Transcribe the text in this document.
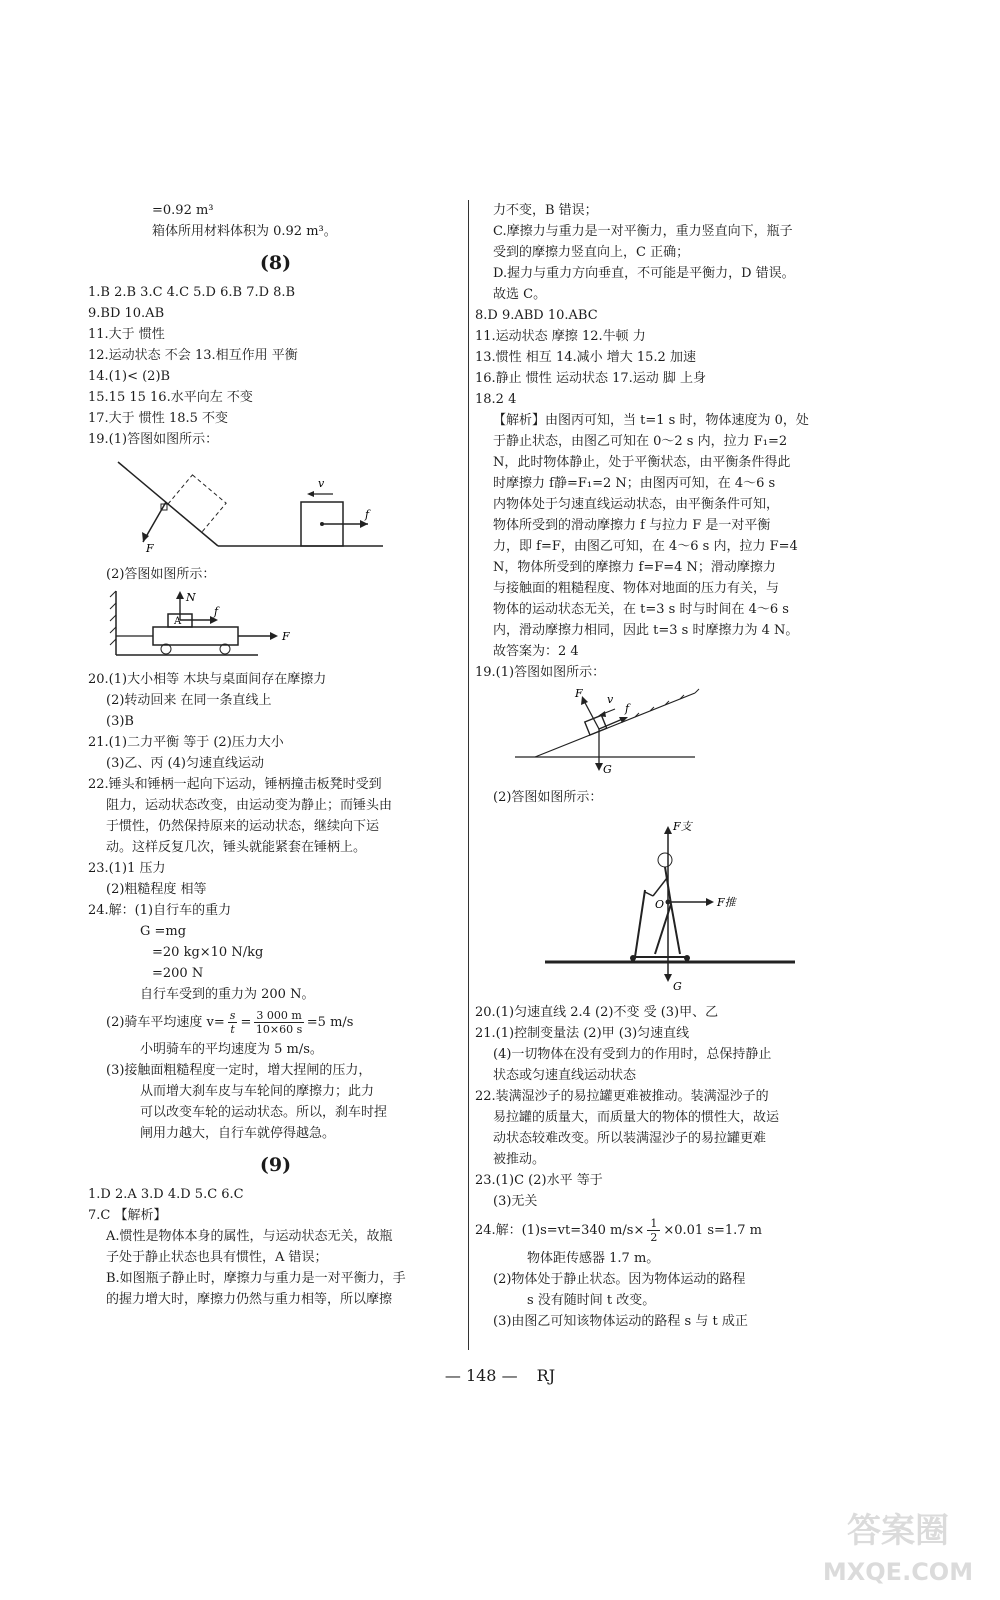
=0.92 m³
箱体所用材料体积为 0.92 m³。
(8)
1.B 2.B 3.C 4.C 5.D 6.B 7.D 8.B
9.BD 10.AB
11.大于 惯性
12.运动状态 不会 13.相互作用 平衡
14.(1)< (2)B
15.15 15 16.水平向左 不变
17.大于 惯性 18.5 不变
19.(1)答图如图所示：
F
f
v
(2)答图如图所示：
A
N
f
F
20.(1)大小相等 木块与桌面间存在摩擦力
(2)转动回来 在同一条直线上
(3)B
21.(1)二力平衡 等于 (2)压力大小
(3)乙、丙 (4)匀速直线运动
22.锤头和锤柄一起向下运动，锤柄撞击板凳时受到
阻力，运动状态改变，由运动变为静止；而锤头由
于惯性，仍然保持原来的运动状态，继续向下运
动。这样反复几次，锤头就能紧套在锤柄上。
23.(1)1 压力
(2)粗糙程度 相等
24.解：(1)自行车的重力
G =mg
=20 kg×10 N/kg
=200 N
自行车受到的重力为 200 N。
(2)骑车平均速度 $v= \frac{s}{t} = \frac{3 000 m}{10\times 60 s} =5$ m/s
小明骑车的平均速度为 5 m/s。
(3)接触面粗糙程度一定时，增大捏闸的压力，
从而增大刹车皮与车轮间的摩擦力；此力
可以改变车轮的运动状态。所以，刹车时捏
闸用力越大，自行车就停得越急。
(9)
1.D 2.A 3.D 4.D 5.C 6.C
7.C 【解析】
A.惯性是物体本身的属性，与运动状态无关，故瓶
子处于静止状态也具有惯性，A 错误；
B.如图瓶子静止时，摩擦力与重力是一对平衡力，手
的握力增大时，摩擦力仍然与重力相等，所以摩擦
力不变，B 错误；
C.摩擦力与重力是一对平衡力，重力竖直向下，瓶子
受到的摩擦力竖直向上，C 正确；
D.握力与重力方向垂直，不可能是平衡力，D 错误。
故选 C。
8.D 9.ABD 10.ABC
11.运动状态 摩擦 12.牛顿 力
13.惯性 相互 14.减小 增大 15.2 加速
16.静止 惯性 运动状态 17.运动 脚 上身
18.2 4
【解析】由图丙可知，当 t=1 s 时，物体速度为 0，处
于静止状态，由图乙可知在 0～2 s 内，拉力 F₁=2
N，此时物体静止，处于平衡状态，由平衡条件得此
时摩擦力 f静=F₁=2 N；由图丙可知，在 4～6 s
内物体处于匀速直线运动状态，由平衡条件可知，
物体所受到的滑动摩擦力 f 与拉力 F 是一对平衡
力，即 f=F，由图乙可知，在 4～6 s 内，拉力 F=4
N，物体所受到的摩擦力 f=F=4 N；滑动摩擦力
与接触面的粗糙程度、物体对地面的压力有关，与
物体的运动状态无关，在 t=3 s 时与时间在 4～6 s
内，滑动摩擦力相同，因此 t=3 s 时摩擦力为 4 N。
故答案为：2 4
19.(1)答图如图所示：
G
F
f
v
(2)答图如图所示：
F支
G
O	F推
20.(1)匀速直线 2.4 (2)不变 受 (3)甲、乙
21.(1)控制变量法 (2)甲 (3)匀速直线
(4)一切物体在没有受到力的作用时，总保持静止
状态或匀速直线运动状态
22.装满湿沙子的易拉罐更难被推动。装满湿沙子的
易拉罐的质量大，而质量大的物体的惯性大，故运
动状态较难改变。所以装满湿沙子的易拉罐更难
被推动。
23.(1)C (2)水平 等于
(3)无关
24.解：(1)s=vt=340 $m/s\times \frac{1}{2} \times 0.01$ s=1.7 m
物体距传感器 1.7 m。
(2)物体处于静止状态。因为物体运动的路程
s 没有随时间 t 改变。
(3)由图乙可知该物体运动的路程 s 与 t 成正
— 148 — RJ
答案圈
MXQE.COM
